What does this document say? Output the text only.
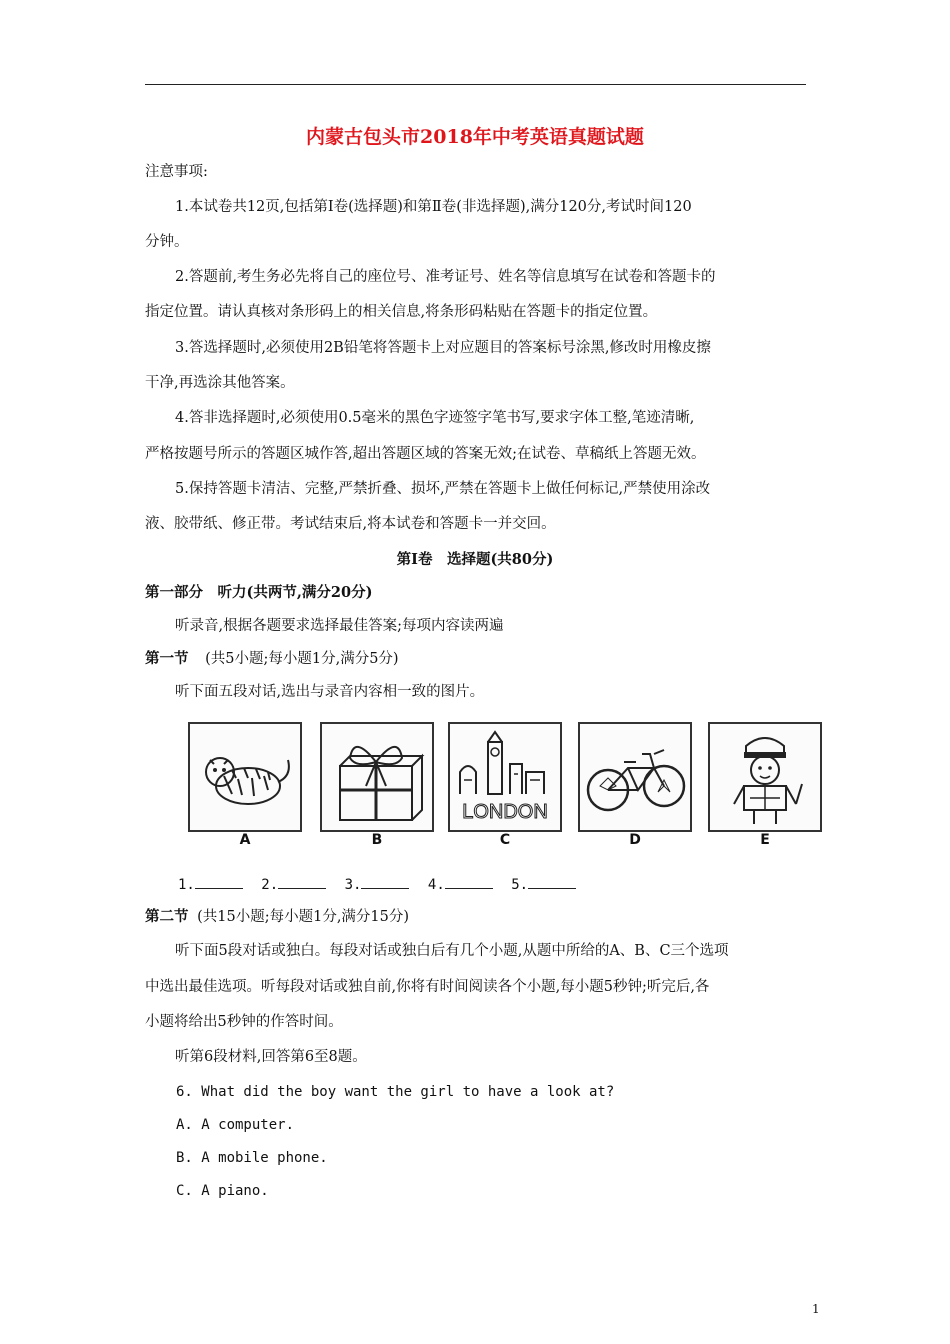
内蒙古包头市2018年中考英语真题试题
注意事项:
1.本试卷共12页,包括第Ⅰ卷(选择题)和第Ⅱ卷(非选择题),满分120分,考试时间120
分钟。
2.答题前,考生务必先将自己的座位号、准考证号、姓名等信息填写在试卷和答题卡的
指定位置。请认真核对条形码上的相关信息,将条形码粘贴在答题卡的指定位置。
3.答选择题时,必须使用2B铅笔将答题卡上对应题目的答案标号涂黑,修改时用橡皮擦
干净,再选涂其他答案。
4.答非选择题时,必须使用0.5毫米的黑色字迹签字笔书写,要求字体工整,笔迹清晰,
严格按题号所示的答题区城作答,超出答题区域的答案无效;在试卷、草稿纸上答题无效。
5.保持答题卡清洁、完整,严禁折叠、损坏,严禁在答题卡上做任何标记,严禁使用涂改
液、胶带纸、修正带。考试结束后,将本试卷和答题卡一并交回。
第Ⅰ卷　选择题(共80分)
第一部分　听力(共两节,满分20分)
听录音,根据各题要求选择最佳答案;每项内容读两遍
第一节 (共5小题;每小题1分,满分5分)
听下面五段对话,选出与录音内容相一致的图片。
LONDON
A	B	C	D	E
1.	2.	3.	4.	5.
第二节 (共15小题;每小题1分,满分15分)
听下面5段对话或独白。每段对话或独白后有几个小题,从题中所给的A、B、C三个选项
中选出最佳选项。听每段对话或独自前,你将有时间阅读各个小题,每小题5秒钟;听完后,各
小题将给出5秒钟的作答时间。
听第6段材料,回答第6至8题。
6. What did the boy want the girl to have a look at?
A. A computer.
B. A mobile phone.
C. A piano.
1
